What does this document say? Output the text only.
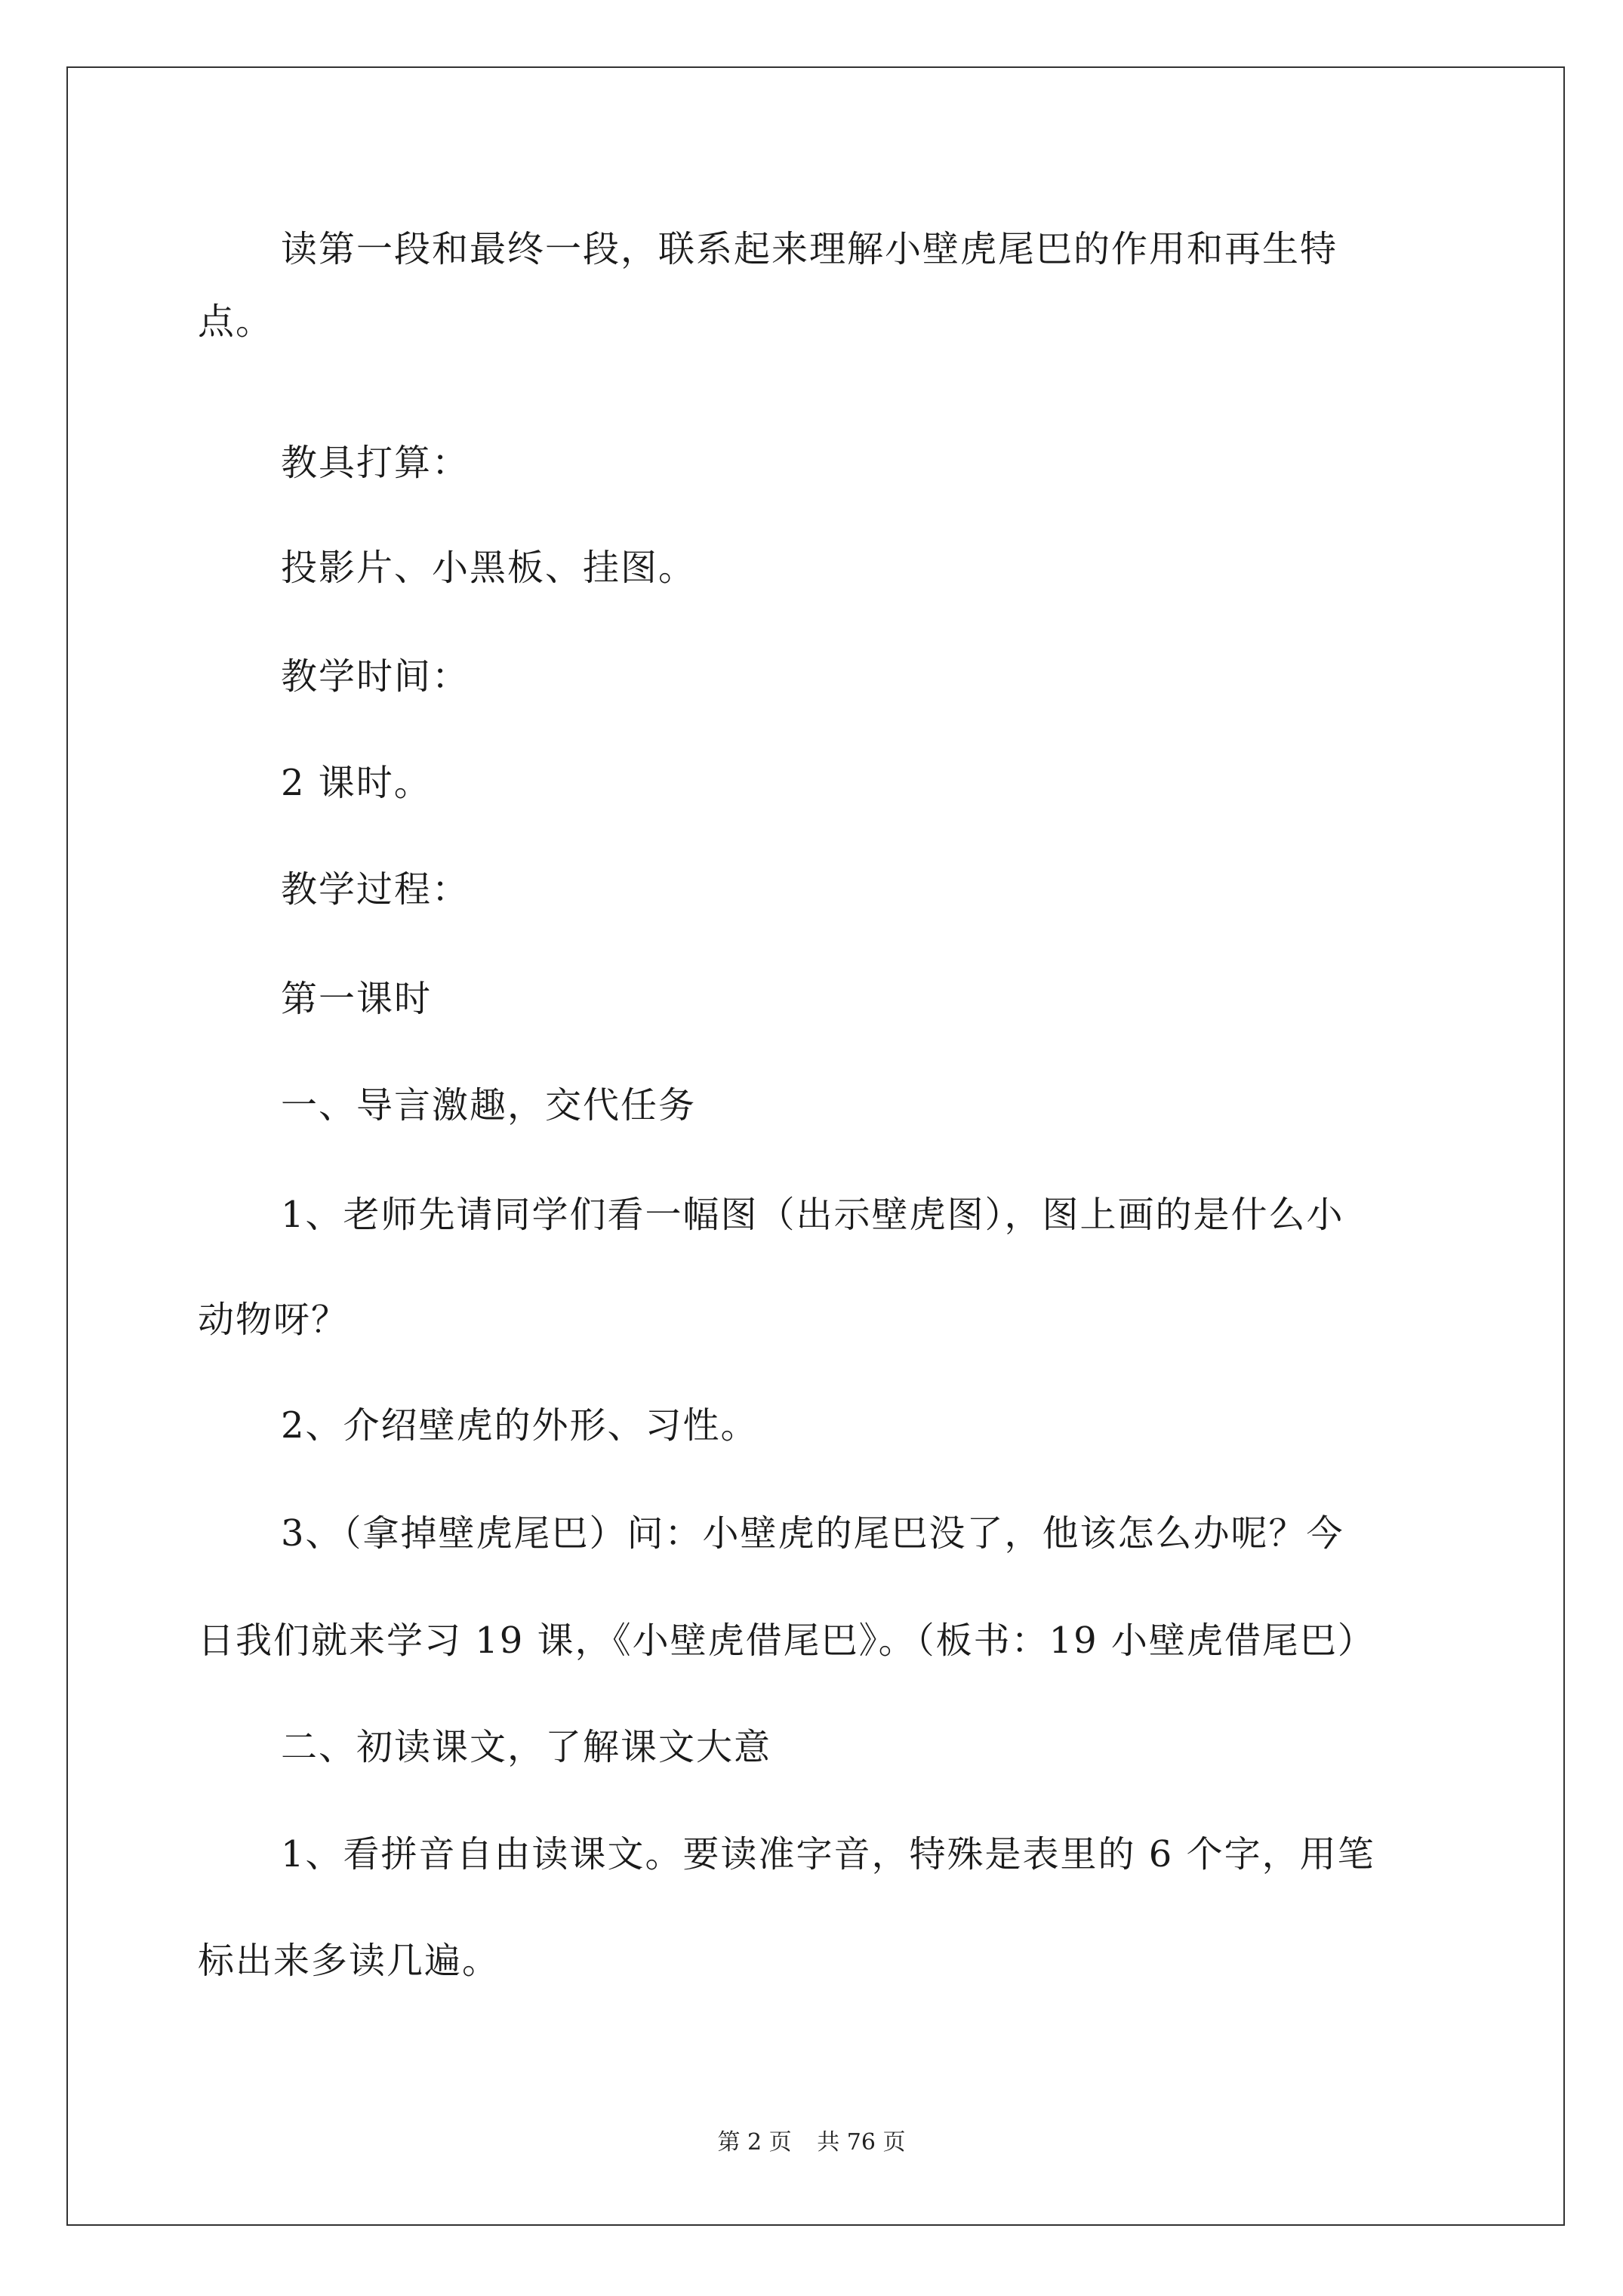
读第一段和最终一段，联系起来理解小壁虎尾巴的作用和再生特
点。
教具打算：
投影片、小黑板、挂图。
教学时间：
2 课时。
教学过程：
第一课时
一、导言激趣，交代任务
1、老师先请同学们看一幅图（出示壁虎图），图上画的是什么小
动物呀？
2、介绍壁虎的外形、习性。
3、（拿掉壁虎尾巴）问：小壁虎的尾巴没了，他该怎么办呢？今
日我们就来学习 19 课，《小壁虎借尾巴》。（板书：19 小壁虎借尾巴）
二、初读课文，了解课文大意
1、看拼音自由读课文。要读准字音，特殊是表里的 6 个字，用笔
标出来多读几遍。
第 2 页 共 76 页
